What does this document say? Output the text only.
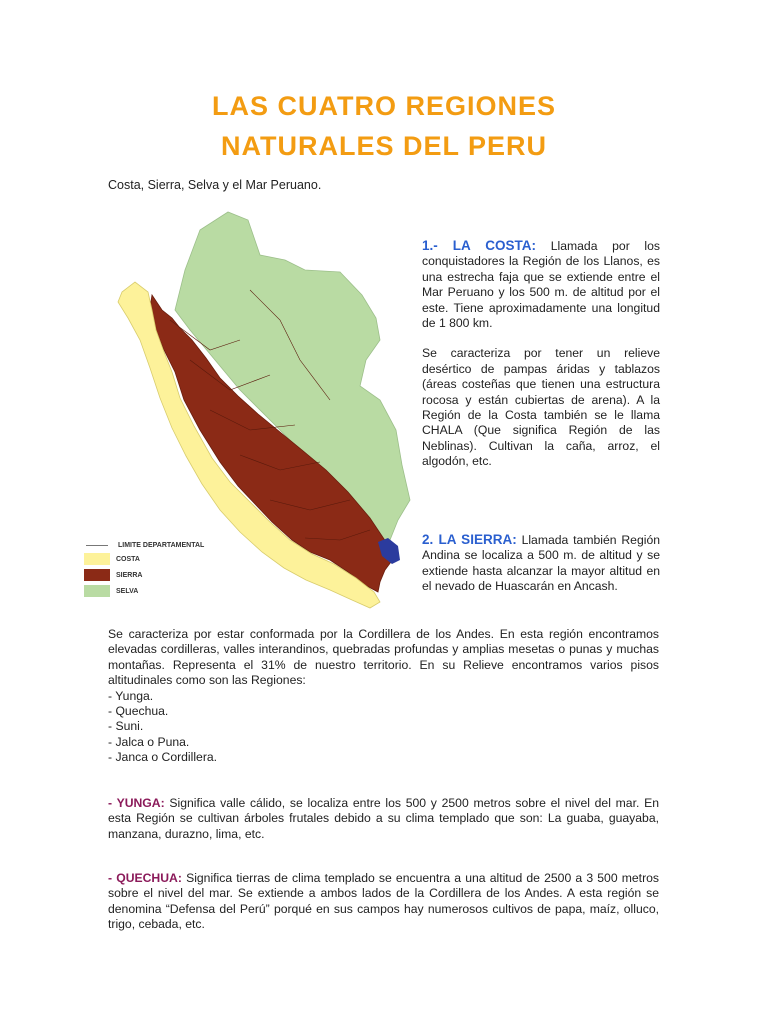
LAS CUATRO REGIONES
NATURALES DEL PERU
Costa, Sierra, Selva y el Mar Peruano.
LIMITE DEPARTAMENTAL
COSTA
SIERRA
SELVA
1.- LA COSTA: Llamada por los conquistadores la Región de los Llanos, es una estrecha faja que se extiende entre el Mar Peruano y los 500 m. de altitud por el este. Tiene aproximadamente una longitud de 1 800 km.
Se caracteriza por tener un relieve desértico de pampas áridas y tablazos (áreas costeñas que tienen una estructura rocosa y están cubiertas de arena). A la Región de la Costa también se le llama CHALA (Que significa Región de las Neblinas). Cultivan la caña, arroz, el algodón, etc.
2. LA SIERRA: Llamada también Región Andina se localiza a 500 m. de altitud y se extiende hasta alcanzar la mayor altitud en el nevado de Huascarán en Ancash.
Se caracteriza por estar conformada por la Cordillera de los Andes. En esta región encontramos elevadas cordilleras, valles interandinos, quebradas profundas y amplias mesetas o punas y muchas montañas. Representa el 31% de nuestro territorio. En su Relieve encontramos varios pisos altitudinales como son las Regiones:
- Yunga.
- Quechua.
- Suni.
- Jalca o Puna.
- Janca o Cordillera.
- YUNGA: Significa valle cálido, se localiza entre los 500 y 2500 metros sobre el nivel del mar. En esta Región se cultivan árboles frutales debido a su clima templado que son: La guaba, guayaba, manzana, durazno, lima, etc.
- QUECHUA: Significa tierras de clima templado se encuentra a una altitud de 2500 a 3 500 metros sobre el nivel del mar. Se extiende a ambos lados de la Cordillera de los Andes. A esta región se denomina “Defensa del Perú” porqué en sus campos hay numerosos cultivos de papa, maíz, olluco, trigo, cebada, etc.
